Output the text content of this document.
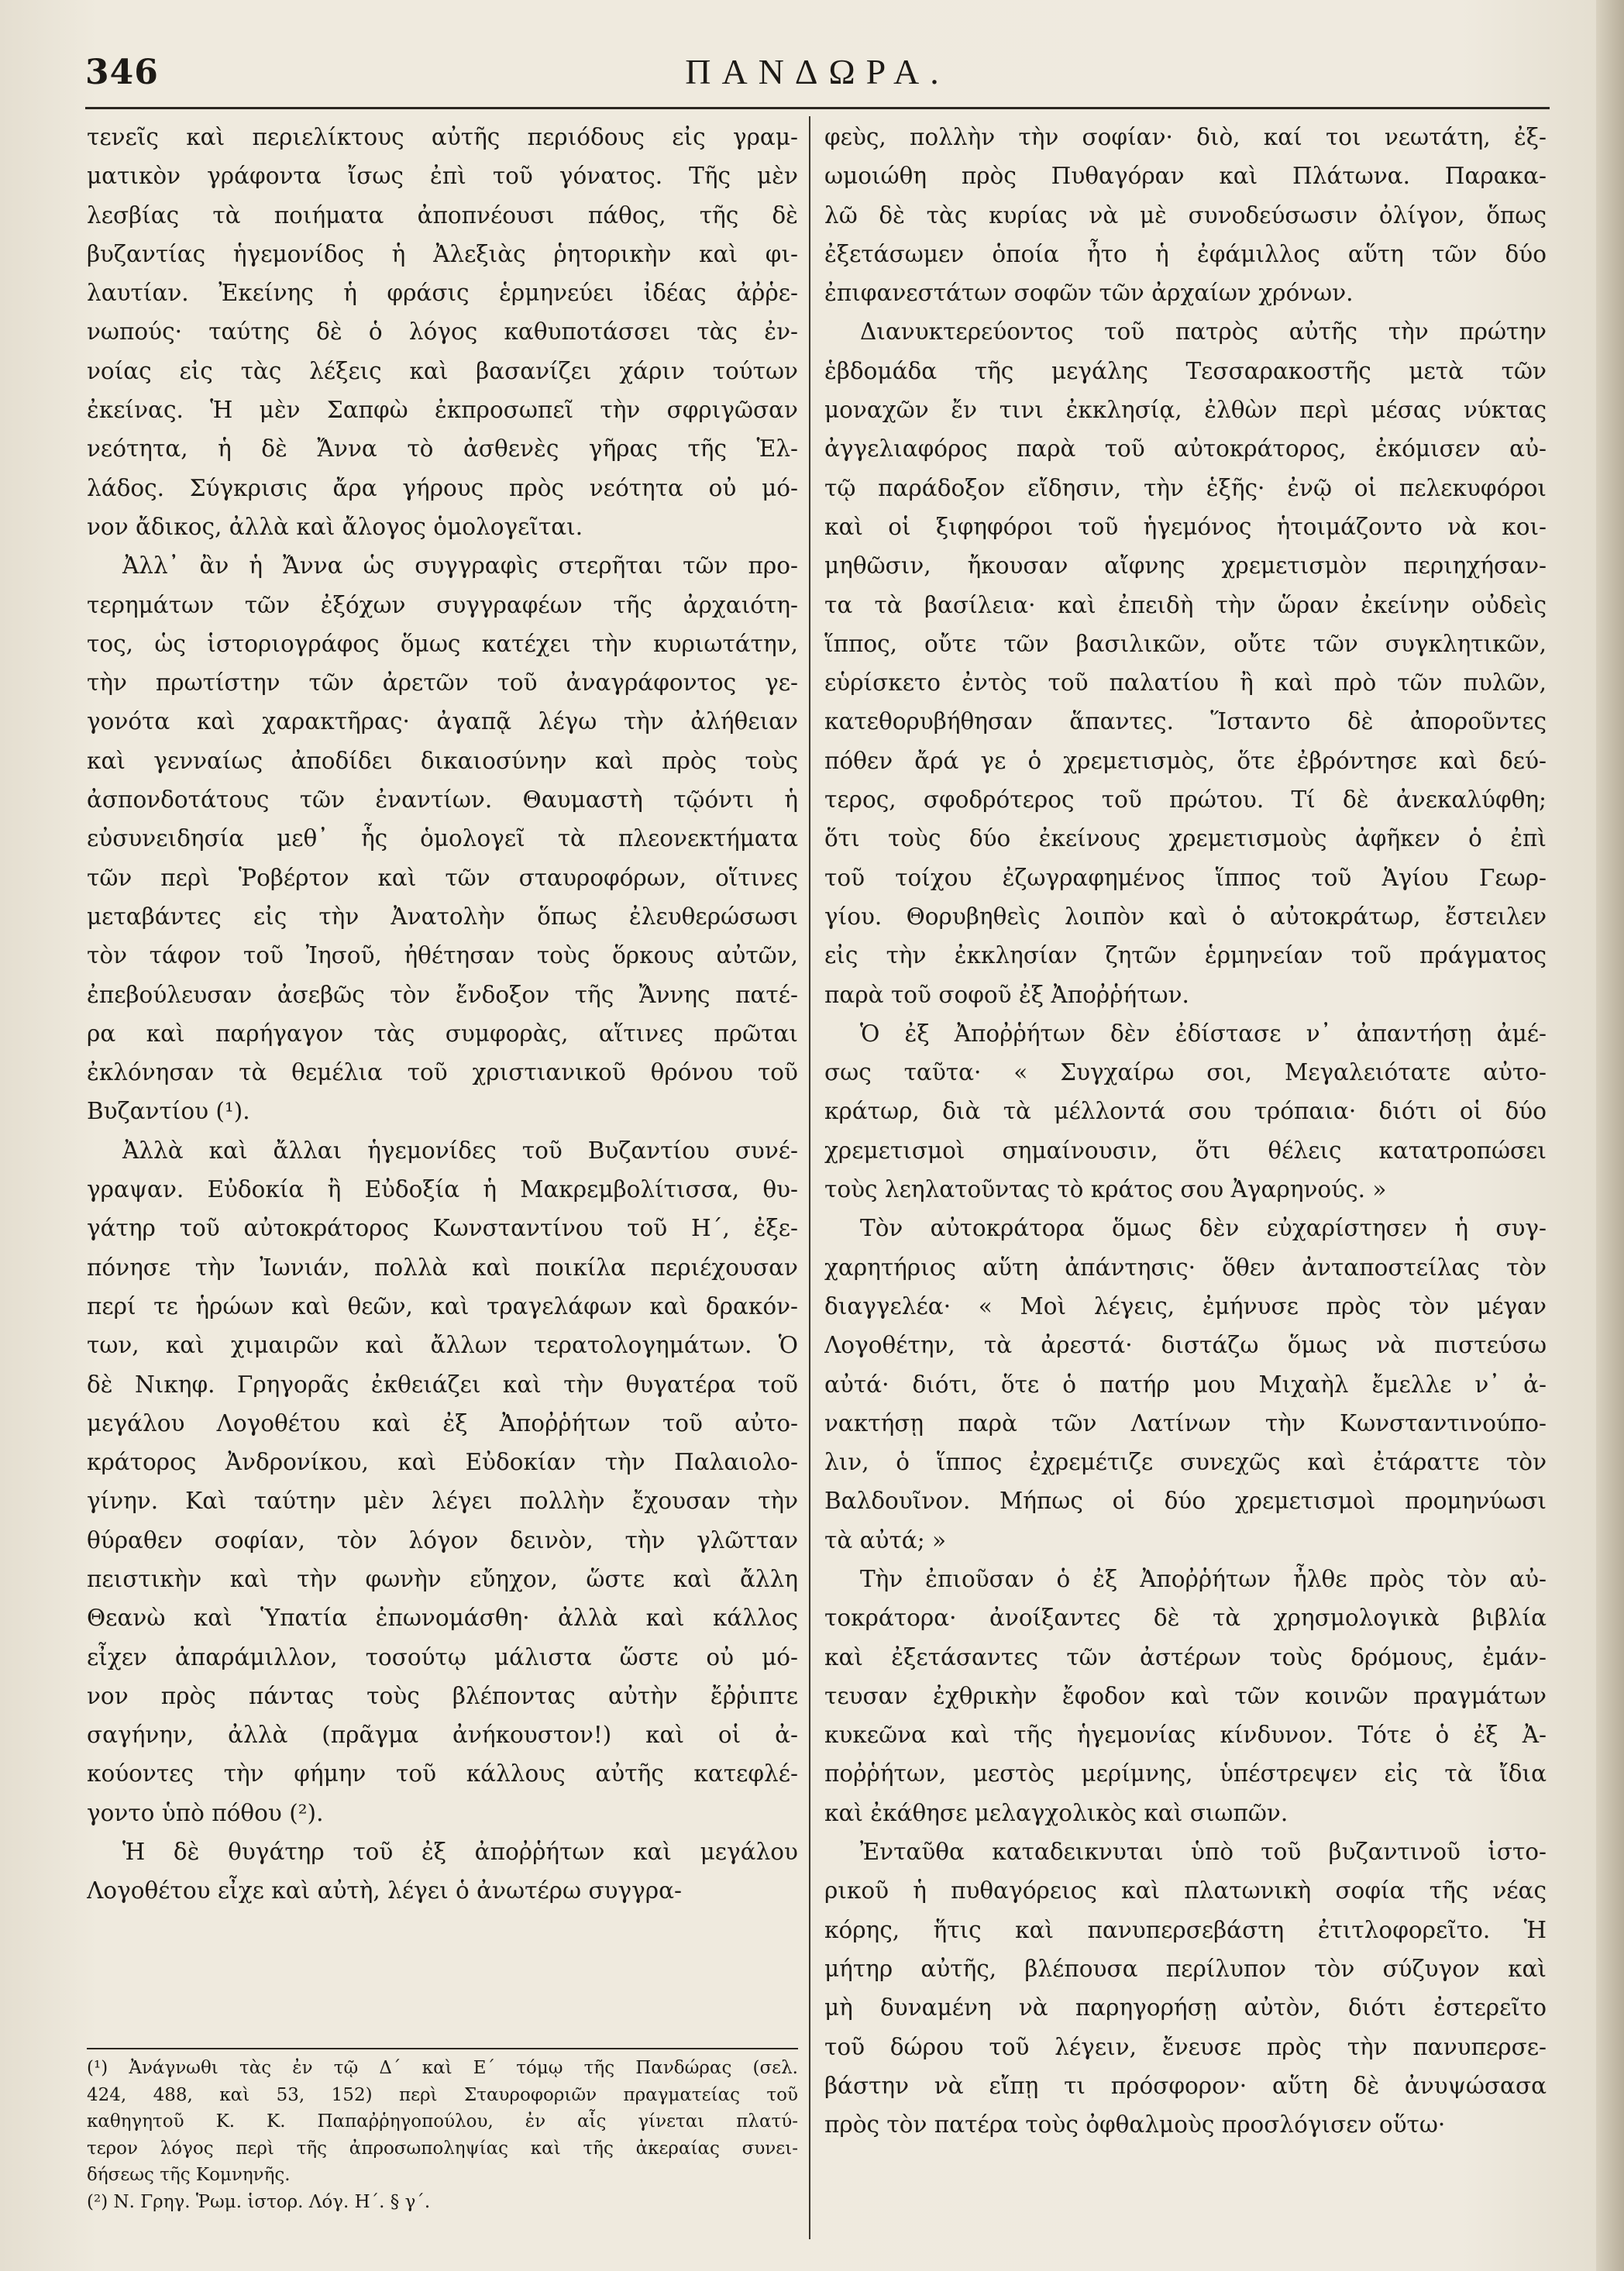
346	ΠΑΝΔΩΡΑ.
τενεῖς καὶ περιελίκτους αὐτῆς περιόδους εἰς γραμ-
ματικὸν γράφοντα ἴσως ἐπὶ τοῦ γόνατος. Τῆς μὲν
λεσβίας τὰ ποιήματα ἀποπνέουσι πάθος, τῆς δὲ
βυζαντίας ἡγεμονίδος ἡ Ἀλεξιὰς ῥητορικὴν καὶ φι-
λαυτίαν. Ἐκείνης ἡ φράσις ἑρμηνεύει ἰδέας ἀῤῥε-
νωπούς· ταύτης δὲ ὁ λόγος καθυποτάσσει τὰς ἐν-
νοίας εἰς τὰς λέξεις καὶ βασανίζει χάριν τούτων
ἐκείνας. Ἡ μὲν Σαπφὼ ἐκπροσωπεῖ τὴν σφριγῶσαν
νεότητα, ἡ δὲ Ἄννα τὸ ἀσθενὲς γῆρας τῆς Ἑλ-
λάδος. Σύγκρισις ἄρα γήρους πρὸς νεότητα οὐ μό-
νον ἄδικος, ἀλλὰ καὶ ἄλογος ὁμολογεῖται.
Ἀλλ᾽ ἂν ἡ Ἄννα ὡς συγγραφὶς στερῆται τῶν προ-
τερημάτων τῶν ἐξόχων συγγραφέων τῆς ἀρχαιότη-
τος, ὡς ἱστοριογράφος ὅμως κατέχει τὴν κυριωτάτην,
τὴν πρωτίστην τῶν ἀρετῶν τοῦ ἀναγράφοντος γε-
γονότα καὶ χαρακτῆρας· ἀγαπᾷ λέγω τὴν ἀλήθειαν
καὶ γενναίως ἀποδίδει δικαιοσύνην καὶ πρὸς τοὺς
ἀσπονδοτάτους τῶν ἐναντίων. Θαυμαστὴ τῷόντι ἡ
εὐσυνειδησία μεθ᾽ ἧς ὁμολογεῖ τὰ πλεονεκτήματα
τῶν περὶ Ῥοβέρτον καὶ τῶν σταυροφόρων, οἵτινες
μεταβάντες εἰς τὴν Ἀνατολὴν ὅπως ἐλευθερώσωσι
τὸν τάφον τοῦ Ἰησοῦ, ἠθέτησαν τοὺς ὅρκους αὐτῶν,
ἐπεβούλευσαν ἀσεβῶς τὸν ἔνδοξον τῆς Ἄννης πατέ-
ρα καὶ παρήγαγον τὰς συμφορὰς, αἵτινες πρῶται
ἐκλόνησαν τὰ θεμέλια τοῦ χριστιανικοῦ θρόνου τοῦ
Βυζαντίου (¹).
Ἀλλὰ καὶ ἄλλαι ἡγεμονίδες τοῦ Βυζαντίου συνέ-
γραψαν. Εὐδοκία ἢ Εὐδοξία ἡ Μακρεμβολίτισσα, θυ-
γάτηρ τοῦ αὐτοκράτορος Κωνσταντίνου τοῦ Η΄, ἐξε-
πόνησε τὴν Ἰωνιάν, πολλὰ καὶ ποικίλα περιέχουσαν
περί τε ἡρώων καὶ θεῶν, καὶ τραγελάφων καὶ δρακόν-
των, καὶ χιμαιρῶν καὶ ἄλλων τερατολογημάτων. Ὁ
δὲ Νικηφ. Γρηγορᾶς ἐκθειάζει καὶ τὴν θυγατέρα τοῦ
μεγάλου Λογοθέτου καὶ ἐξ Ἀποῤῥήτων τοῦ αὐτο-
κράτορος Ἀνδρονίκου, καὶ Εὐδοκίαν τὴν Παλαιολο-
γίνην. Καὶ ταύτην μὲν λέγει πολλὴν ἔχουσαν τὴν
θύραθεν σοφίαν, τὸν λόγον δεινὸν, τὴν γλῶτταν
πειστικὴν καὶ τὴν φωνὴν εὔηχον, ὥστε καὶ ἄλλη
Θεανὼ καὶ Ὑπατία ἐπωνομάσθη· ἀλλὰ καὶ κάλλος
εἶχεν ἀπαράμιλλον, τοσούτῳ μάλιστα ὥστε οὐ μό-
νον πρὸς πάντας τοὺς βλέποντας αὐτὴν ἔῤῥιπτε
σαγήνην, ἀλλὰ (πρᾶγμα ἀνήκουστον!) καὶ οἱ ἀ-
κούοντες τὴν φήμην τοῦ κάλλους αὐτῆς κατεφλέ-
γοντο ὑπὸ πόθου (²).
Ἡ δὲ θυγάτηρ τοῦ ἐξ ἀποῤῥήτων καὶ μεγάλου
Λογοθέτου εἶχε καὶ αὐτὴ, λέγει ὁ ἀνωτέρω συγγρα-
φεὺς, πολλὴν τὴν σοφίαν· διὸ, καί τοι νεωτάτη, ἐξ-
ωμοιώθη πρὸς Πυθαγόραν καὶ Πλάτωνα. Παρακα-
λῶ δὲ τὰς κυρίας νὰ μὲ συνοδεύσωσιν ὀλίγον, ὅπως
ἐξετάσωμεν ὁποία ἦτο ἡ ἐφάμιλλος αὕτη τῶν δύο
ἐπιφανεστάτων σοφῶν τῶν ἀρχαίων χρόνων.
Διανυκτερεύοντος τοῦ πατρὸς αὐτῆς τὴν πρώτην
ἑβδομάδα τῆς μεγάλης Τεσσαρακοστῆς μετὰ τῶν
μοναχῶν ἔν τινι ἐκκλησίᾳ, ἐλθὼν περὶ μέσας νύκτας
ἀγγελιαφόρος παρὰ τοῦ αὐτοκράτορος, ἐκόμισεν αὐ-
τῷ παράδοξον εἴδησιν, τὴν ἑξῆς· ἐνῷ οἱ πελεκυφόροι
καὶ οἱ ξιφηφόροι τοῦ ἡγεμόνος ἡτοιμάζοντο νὰ κοι-
μηθῶσιν, ἤκουσαν αἴφνης χρεμετισμὸν περιηχήσαν-
τα τὰ βασίλεια· καὶ ἐπειδὴ τὴν ὥραν ἐκείνην οὐδεὶς
ἵππος, οὔτε τῶν βασιλικῶν, οὔτε τῶν συγκλητικῶν,
εὑρίσκετο ἐντὸς τοῦ παλατίου ἢ καὶ πρὸ τῶν πυλῶν,
κατεθορυβήθησαν ἅπαντες. Ἵσταντο δὲ ἀποροῦντες
πόθεν ἄρά γε ὁ χρεμετισμὸς, ὅτε ἐβρόντησε καὶ δεύ-
τερος, σφοδρότερος τοῦ πρώτου. Τί δὲ ἀνεκαλύφθη;
ὅτι τοὺς δύο ἐκείνους χρεμετισμοὺς ἀφῆκεν ὁ ἐπὶ
τοῦ τοίχου ἐζωγραφημένος ἵππος τοῦ Ἁγίου Γεωρ-
γίου. Θορυβηθεὶς λοιπὸν καὶ ὁ αὐτοκράτωρ, ἔστειλεν
εἰς τὴν ἐκκλησίαν ζητῶν ἑρμηνείαν τοῦ πράγματος
παρὰ τοῦ σοφοῦ ἐξ Ἀποῤῥήτων.
Ὁ ἐξ Ἀποῤῥήτων δὲν ἐδίστασε ν᾽ ἀπαντήσῃ ἀμέ-
σως ταῦτα· « Συγχαίρω σοι, Μεγαλειότατε αὐτο-
κράτωρ, διὰ τὰ μέλλοντά σου τρόπαια· διότι οἱ δύο
χρεμετισμοὶ σημαίνουσιν, ὅτι θέλεις κατατροπώσει
τοὺς λεηλατοῦντας τὸ κράτος σου Ἀγαρηνούς. »
Τὸν αὐτοκράτορα ὅμως δὲν εὐχαρίστησεν ἡ συγ-
χαρητήριος αὕτη ἀπάντησις· ὅθεν ἀνταποστείλας τὸν
διαγγελέα· « Μοὶ λέγεις, ἐμήνυσε πρὸς τὸν μέγαν
Λογοθέτην, τὰ ἀρεστά· διστάζω ὅμως νὰ πιστεύσω
αὐτά· διότι, ὅτε ὁ πατήρ μου Μιχαὴλ ἔμελλε ν᾽ ἀ-
νακτήσῃ παρὰ τῶν Λατίνων τὴν Κωνσταντινούπο-
λιν, ὁ ἵππος ἐχρεμέτιζε συνεχῶς καὶ ἐτάραττε τὸν
Βαλδουῖνον. Μήπως οἱ δύο χρεμετισμοὶ προμηνύωσι
τὰ αὐτά; »
Τὴν ἐπιοῦσαν ὁ ἐξ Ἀποῤῥήτων ἦλθε πρὸς τὸν αὐ-
τοκράτορα· ἀνοίξαντες δὲ τὰ χρησμολογικὰ βιβλία
καὶ ἐξετάσαντες τῶν ἀστέρων τοὺς δρόμους, ἐμάν-
τευσαν ἐχθρικὴν ἔφοδον καὶ τῶν κοινῶν πραγμάτων
κυκεῶνα καὶ τῆς ἡγεμονίας κίνδυνον. Τότε ὁ ἐξ Ἀ-
ποῤῥήτων, μεστὸς μερίμνης, ὑπέστρεψεν εἰς τὰ ἴδια
καὶ ἐκάθησε μελαγχολικὸς καὶ σιωπῶν.
Ἐνταῦθα καταδεικνυται ὑπὸ τοῦ βυζαντινοῦ ἱστο-
ρικοῦ ἡ πυθαγόρειος καὶ πλατωνικὴ σοφία τῆς νέας
κόρης, ἥτις καὶ πανυπερσεβάστη ἐτιτλοφορεῖτο. Ἡ
μήτηρ αὐτῆς, βλέπουσα περίλυπον τὸν σύζυγον καὶ
μὴ δυναμένη νὰ παρηγορήσῃ αὐτὸν, διότι ἐστερεῖτο
τοῦ δώρου τοῦ λέγειν, ἔνευσε πρὸς τὴν πανυπερσε-
βάστην νὰ εἴπῃ τι πρόσφορον· αὕτη δὲ ἀνυψώσασα
πρὸς τὸν πατέρα τοὺς ὀφθαλμοὺς προσλόγισεν οὕτω·
(¹) Ἀνάγνωθι τὰς ἐν τῷ Δ΄ καὶ Ε΄ τόμῳ τῆς Πανδώρας (σελ.
424, 488, καὶ 53, 152) περὶ Σταυροφοριῶν πραγματείας τοῦ
καθηγητοῦ Κ. Κ. Παπαῤῥηγοπούλου, ἐν αἷς γίνεται πλατύ-
τερον λόγος περὶ τῆς ἀπροσωποληψίας καὶ τῆς ἀκεραίας συνει-
δήσεως τῆς Κομνηνῆς.
(²) Ν. Γρηγ. Ῥωμ. ἱστορ. Λόγ. Η΄. § γ΄.
